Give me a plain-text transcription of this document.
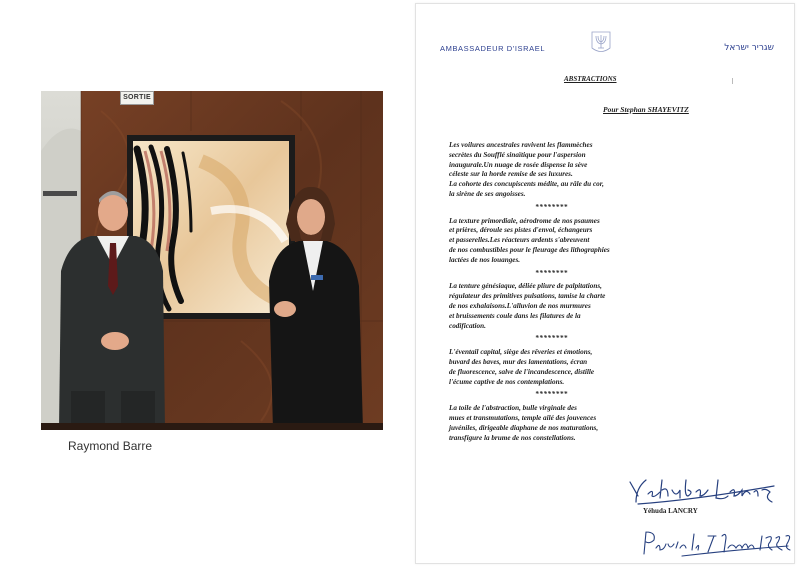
SORTIE
Raymond Barre
AMBASSADEUR D'ISRAEL	שגריר ישראל
ABSTRACTIONS
Pour Stephan SHAYEVITZ
Les voilures ancestrales ravivent les flammèches
secrètes du Soufflé sinaïtique pour l'aspersion
inaugurale.Un nuage de rosée dispense la sève
céleste sur la horde remise de ses luxures.
La cohorte des concupiscents médite, au râle du cor,
la sirène de ses angoisses.
********
La texture primordiale, aérodrome de nos psaumes
et prières, déroule ses pistes d'envol, échangeurs
et passerelles.Les réacteurs ardents s'abreuvent
de nos combustibles pour le fleurage des lithographies
lactées de nos louanges.
********
La tenture génésiaque, déliée pliure de palpitations,
régulateur des primitives pulsations, tamise la charte
de nos exhalaisons.L'alluvion de nos murmures
et bruissements coule dans les filatures de la
codification.
********
L'éventail capital, siège des rêveries et émotions,
buvard des baves, mur des lamentations, écran
de fluorescence, salve de l'incandescence, distille
l'écume captive de nos contemplations.
********
La toile de l'abstraction, bulle virginale des
mues et transmutations, temple ailé des jouvences
juvéniles, dirigeable diaphane de nos maturations,
transfigure la brume de nos constellations.
Yéhuda LANCRY
